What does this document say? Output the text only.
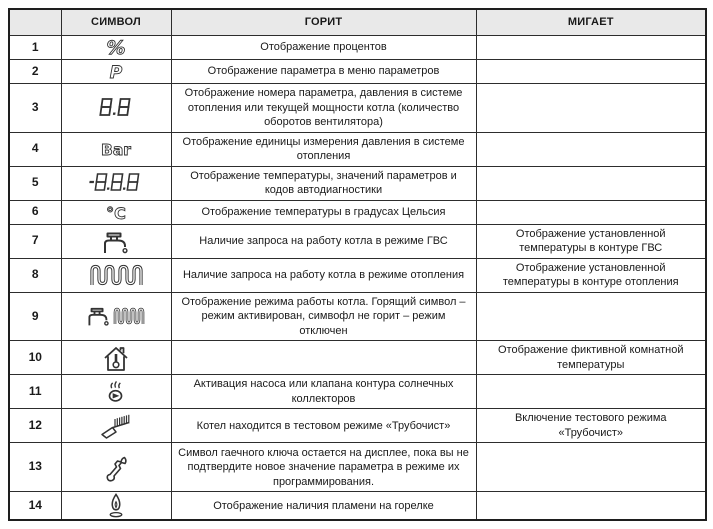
	СИМВОЛ	ГОРИТ	МИГАЕТ
1	%	Отображение процентов	
2	P	Отображение параметра в меню параметров	
3		Отображение номера параметра, давления в системе отопления или текущей мощности котла (количество оборотов вентилятора)	
4	Bar	Отображение единицы измерения давления в системе отопления	
5		Отображение температуры, значений параметров и кодов автодиагностики	
6	°C	Отображение температуры в градусах Цельсия	
7		Наличие запроса на работу котла в режиме ГВС	Отображение установленной температуры в контуре ГВС
8		Наличие запроса на работу котла в режиме отопления	Отображение установленной температуры в контуре отопления
9		Отображение режима работы котла. Горящий символ – режим активирован, симвофл не горит – режим отключен	
10			Отображение фиктивной комнатной температуры
11		Активация насоса или клапана контура солнечных коллекторов	
12		Котел находится в тестовом режиме «Трубочист»	Включение тестового режима «Трубочист»
13		Символ гаечного ключа остается на дисплее, пока вы не подтвердите новое значение параметра в режиме их программирования.	
14		Отображение наличия пламени на горелке	
